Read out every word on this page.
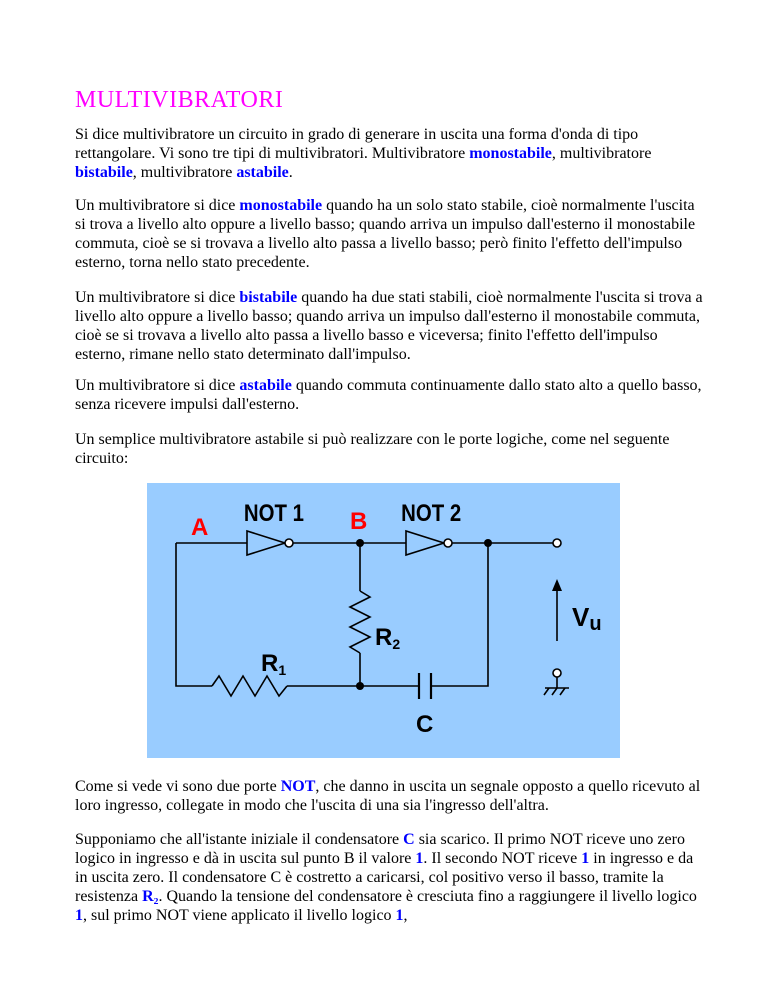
MULTIVIBRATORI

Si dice multivibratore un circuito in grado di generare in uscita una forma d'onda di tipo rettangolare. Vi sono tre tipi di multivibratori. Multivibratore monostabile, multivibratore bistabile, multivibratore astabile.

Un multivibratore si dice monostabile quando ha un solo stato stabile, cioè normalmente l'uscita si trova a livello alto oppure a livello basso; quando arriva un impulso dall'esterno il monostabile commuta, cioè se si trovava a livello alto passa a livello basso; però finito l'effetto dell'impulso esterno, torna nello stato precedente.

Un multivibratore si dice bistabile quando ha due stati stabili, cioè normalmente l'uscita si trova a livello alto oppure a livello basso; quando arriva un impulso dall'esterno il monostabile commuta, cioè se si trovava a livello alto passa a livello basso e viceversa; finito l'effetto dell'impulso esterno, rimane nello stato determinato dall'impulso.

Un multivibratore si dice astabile quando commuta continuamente dallo stato alto a quello basso, senza ricevere impulsi dall'esterno.

Un semplice multivibratore astabile si può realizzare con le porte logiche, come nel seguente circuito:

A	B
NOT 1	NOT 2
R2
R1
C
Vu

Come si vede vi sono due porte NOT, che danno in uscita un segnale opposto a quello ricevuto al loro ingresso, collegate in modo che l'uscita di una sia l'ingresso dell'altra.

Supponiamo che all'istante iniziale il condensatore C sia scarico. Il primo NOT riceve uno zero logico in ingresso e dà in uscita sul punto B il valore 1. Il secondo NOT riceve 1 in ingresso e da in uscita zero. Il condensatore C è costretto a caricarsi, col positivo verso il basso, tramite la resistenza R₂. Quando la tensione del condensatore è cresciuta fino a raggiungere il livello logico 1, sul primo NOT viene applicato il livello logico 1,
